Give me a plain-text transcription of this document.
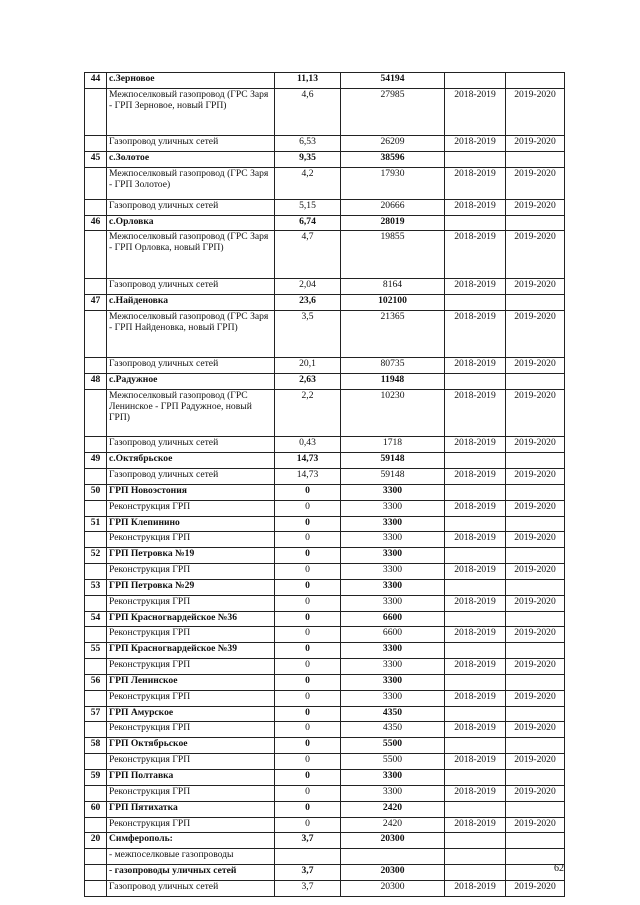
44	с.Зерновое	11,13	54194		
	Межпоселковый газопровод (ГРС Заря - ГРП Зерновое, новый ГРП)	4,6	27985	2018-2019	2019-2020
	Газопровод уличных сетей	6,53	26209	2018-2019	2019-2020
45	с.Золотое	9,35	38596		
	Межпоселковый газопровод (ГРС Заря - ГРП Золотое)	4,2	17930	2018-2019	2019-2020
	Газопровод уличных сетей	5,15	20666	2018-2019	2019-2020
46	с.Орловка	6,74	28019		
	Межпоселковый газопровод (ГРС Заря - ГРП Орловка, новый ГРП)	4,7	19855	2018-2019	2019-2020
	Газопровод уличных сетей	2,04	8164	2018-2019	2019-2020
47	с.Найденовка	23,6	102100		
	Межпоселковый газопровод (ГРС Заря - ГРП Найденовка, новый ГРП)	3,5	21365	2018-2019	2019-2020
	Газопровод уличных сетей	20,1	80735	2018-2019	2019-2020
48	с.Радужное	2,63	11948		
	Межпоселковый газопровод (ГРС Ленинское - ГРП Радужное, новый ГРП)	2,2	10230	2018-2019	2019-2020
	Газопровод уличных сетей	0,43	1718	2018-2019	2019-2020
49	с.Октябрьское	14,73	59148		
	Газопровод уличных сетей	14,73	59148	2018-2019	2019-2020
50	ГРП Новоэстония	0	3300		
	Реконструкция ГРП	0	3300	2018-2019	2019-2020
51	ГРП Клепинино	0	3300		
	Реконструкция ГРП	0	3300	2018-2019	2019-2020
52	ГРП Петровка №19	0	3300		
	Реконструкция ГРП	0	3300	2018-2019	2019-2020
53	ГРП Петровка №29	0	3300		
	Реконструкция ГРП	0	3300	2018-2019	2019-2020
54	ГРП Красногвардейское №36	0	6600		
	Реконструкция ГРП	0	6600	2018-2019	2019-2020
55	ГРП Красногвардейское №39	0	3300		
	Реконструкция ГРП	0	3300	2018-2019	2019-2020
56	ГРП Ленинское	0	3300		
	Реконструкция ГРП	0	3300	2018-2019	2019-2020
57	ГРП Амурское	0	4350		
	Реконструкция ГРП	0	4350	2018-2019	2019-2020
58	ГРП Октябрьское	0	5500		
	Реконструкция ГРП	0	5500	2018-2019	2019-2020
59	ГРП Полтавка	0	3300		
	Реконструкция ГРП	0	3300	2018-2019	2019-2020
60	ГРП Пятихатка	0	2420		
	Реконструкция ГРП	0	2420	2018-2019	2019-2020
20	Симферополь:	3,7	20300		
	- межпоселковые газопроводы				
	- газопроводы уличных сетей	3,7	20300		
	Газопровод уличных сетей	3,7	20300	2018-2019	2019-2020
62
